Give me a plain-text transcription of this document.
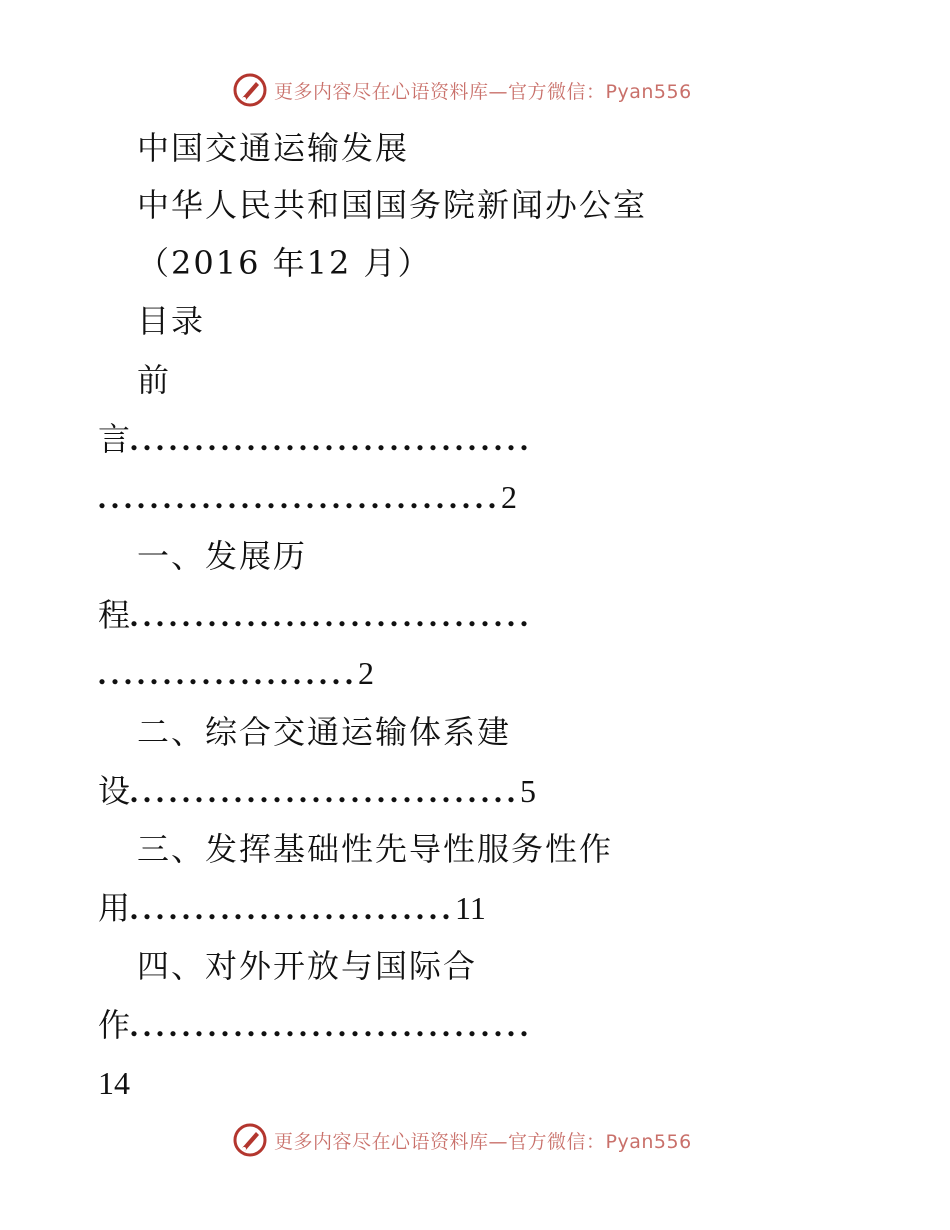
更多内容尽在心语资料库—官方微信：Pyan556
中国交通运输发展
中华人民共和国国务院新闻办公室
（2016 年12 月）
目录
前
言...............................
...............................2
一、发展历
程...............................
....................2
二、综合交通运输体系建
设..............................5
三、发挥基础性先导性服务性作
用.........................11
四、对外开放与国际合
作...............................
14
更多内容尽在心语资料库—官方微信：Pyan556
